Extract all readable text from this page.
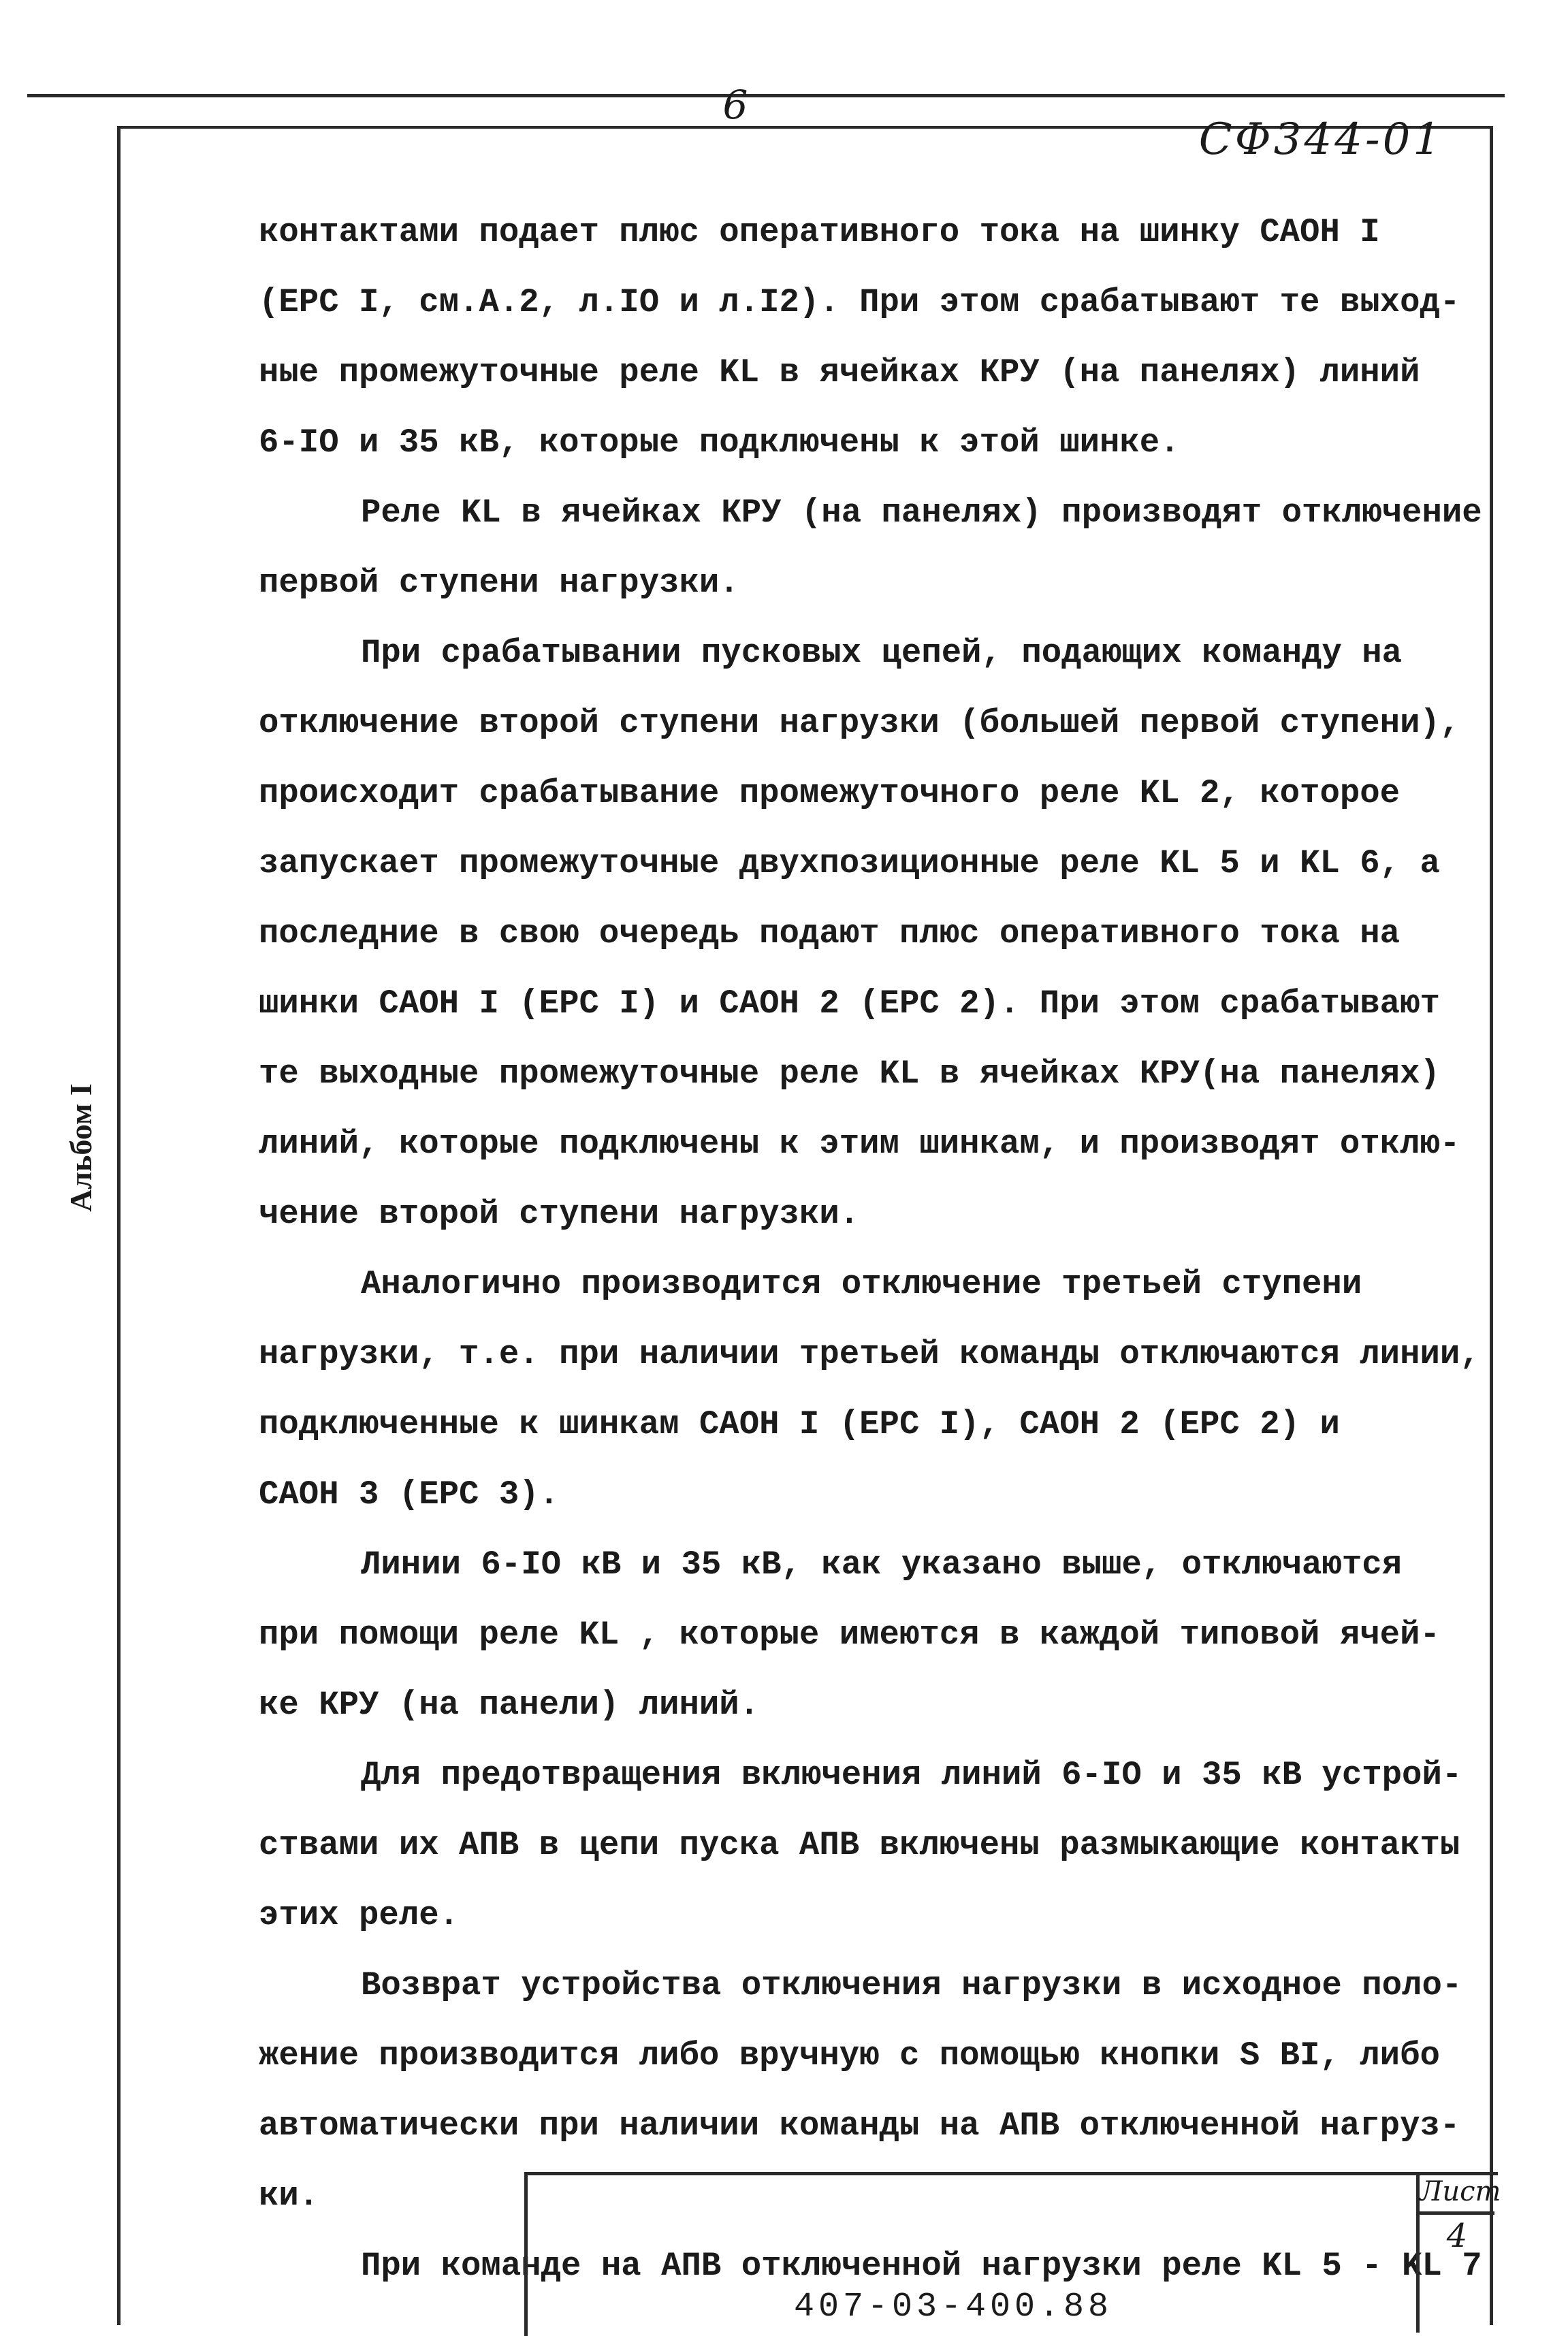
6
СФ344-01
Альбом I
контактами подает плюс оперативного тока на шинку САОН I
(ЕРС I, см.А.2, л.IO и л.I2). При этом срабатывают те выход-
ные промежуточные реле KL в ячейках КРУ (на панелях) линий
6-IO и 35 кВ, которые подключены к этой шинке.
Реле KL в ячейках КРУ (на панелях) производят отключение
первой ступени нагрузки.
При срабатывании пусковых цепей, подающих команду на
отключение второй ступени нагрузки (большей первой ступени),
происходит срабатывание промежуточного реле KL 2, которое
запускает промежуточные двухпозиционные реле KL 5 и KL 6, а
последние в свою очередь подают плюс оперативного тока на
шинки САОН I (ЕРС I) и САОН 2 (ЕРС 2). При этом срабатывают
те выходные промежуточные реле KL в ячейках КРУ(на панелях)
линий, которые подключены к этим шинкам, и производят отклю-
чение второй ступени нагрузки.
Аналогично производится отключение третьей ступени
нагрузки, т.е. при наличии третьей команды отключаются линии,
подключенные к шинкам САОН I (ЕРС I), САОН 2 (ЕРС 2) и
САОН 3 (ЕРС 3).
Линии 6-IO кВ и 35 кВ, как указано выше, отключаются
при помощи реле KL , которые имеются в каждой типовой ячей-
ке КРУ (на панели) линий.
Для предотвращения включения линий 6-IO и 35 кВ устрой-
ствами их АПВ в цепи пуска АПВ включены размыкающие контакты
этих реле.
Возврат устройства отключения нагрузки в исходное поло-
жение производится либо вручную с помощью кнопки S BI, либо
автоматически при наличии команды на АПВ отключенной нагруз-
ки.
При команде на АПВ отключенной нагрузки реле KL 5 - KL 7
Лист
4
407-03-400.88
